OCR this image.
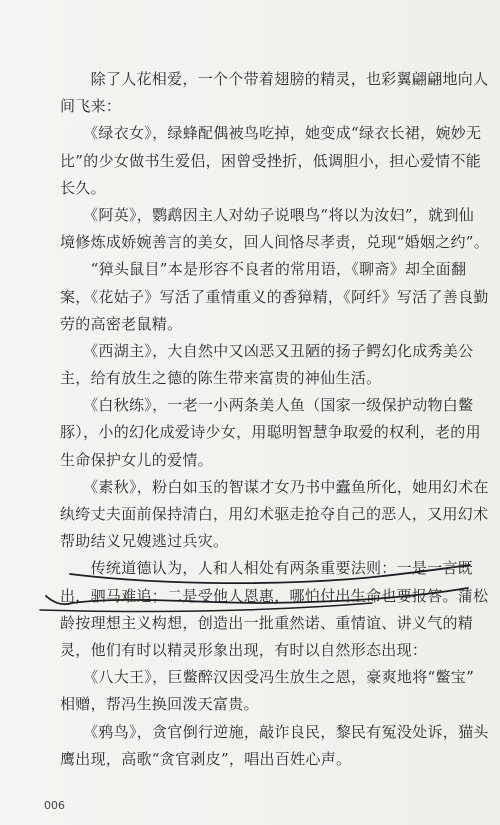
　　除了人花相爱，一个个带着翅膀的精灵，也彩翼翩翩地向人
间飞来：
　　《绿衣女》，绿蜂配偶被鸟吃掉，她变成“绿衣长裙，婉妙无
比”的少女做书生爱侣，困曾受挫折，低调胆小，担心爱情不能
长久。
　　《阿英》，鹦鹉因主人对幼子说喂鸟“将以为汝妇”，就到仙
境修炼成娇婉善言的美女，回人间恪尽孝责，兑现“婚姻之约”。
　　“獐头鼠目”本是形容不良者的常用语，《聊斋》却全面翻
案，《花姑子》写活了重情重义的香獐精，《阿纤》写活了善良勤
劳的高密老鼠精。
　　《西湖主》，大自然中又凶恶又丑陋的扬子鳄幻化成秀美公
主，给有放生之德的陈生带来富贵的神仙生活。
　　《白秋练》，一老一小两条美人鱼（国家一级保护动物白鳖
豚），小的幻化成爱诗少女，用聪明智慧争取爱的权利，老的用
生命保护女儿的爱情。
　　《素秋》，粉白如玉的智谋才女乃书中蠹鱼所化，她用幻术在
纨绔丈夫面前保持清白，用幻术驱走抢夺自己的恶人，又用幻术
帮助结义兄嫂逃过兵灾。
　　传统道德认为，人和人相处有两条重要法则：一是一言既
出，驷马难追；二是受他人恩惠，哪怕付出生命也要报答。蒲松
龄按理想主义构想，创造出一批重然诺、重情谊、讲义气的精
灵，他们有时以精灵形象出现，有时以自然形态出现：
　　《八大王》，巨鳖醉汉因受冯生放生之恩，豪爽地将“鳖宝”
相赠，帮冯生换回泼天富贵。
　　《鸦鸟》，贪官倒行逆施，敲诈良民，黎民有冤没处诉，猫头
鹰出现，高歌“贪官剥皮”，唱出百姓心声。
006
